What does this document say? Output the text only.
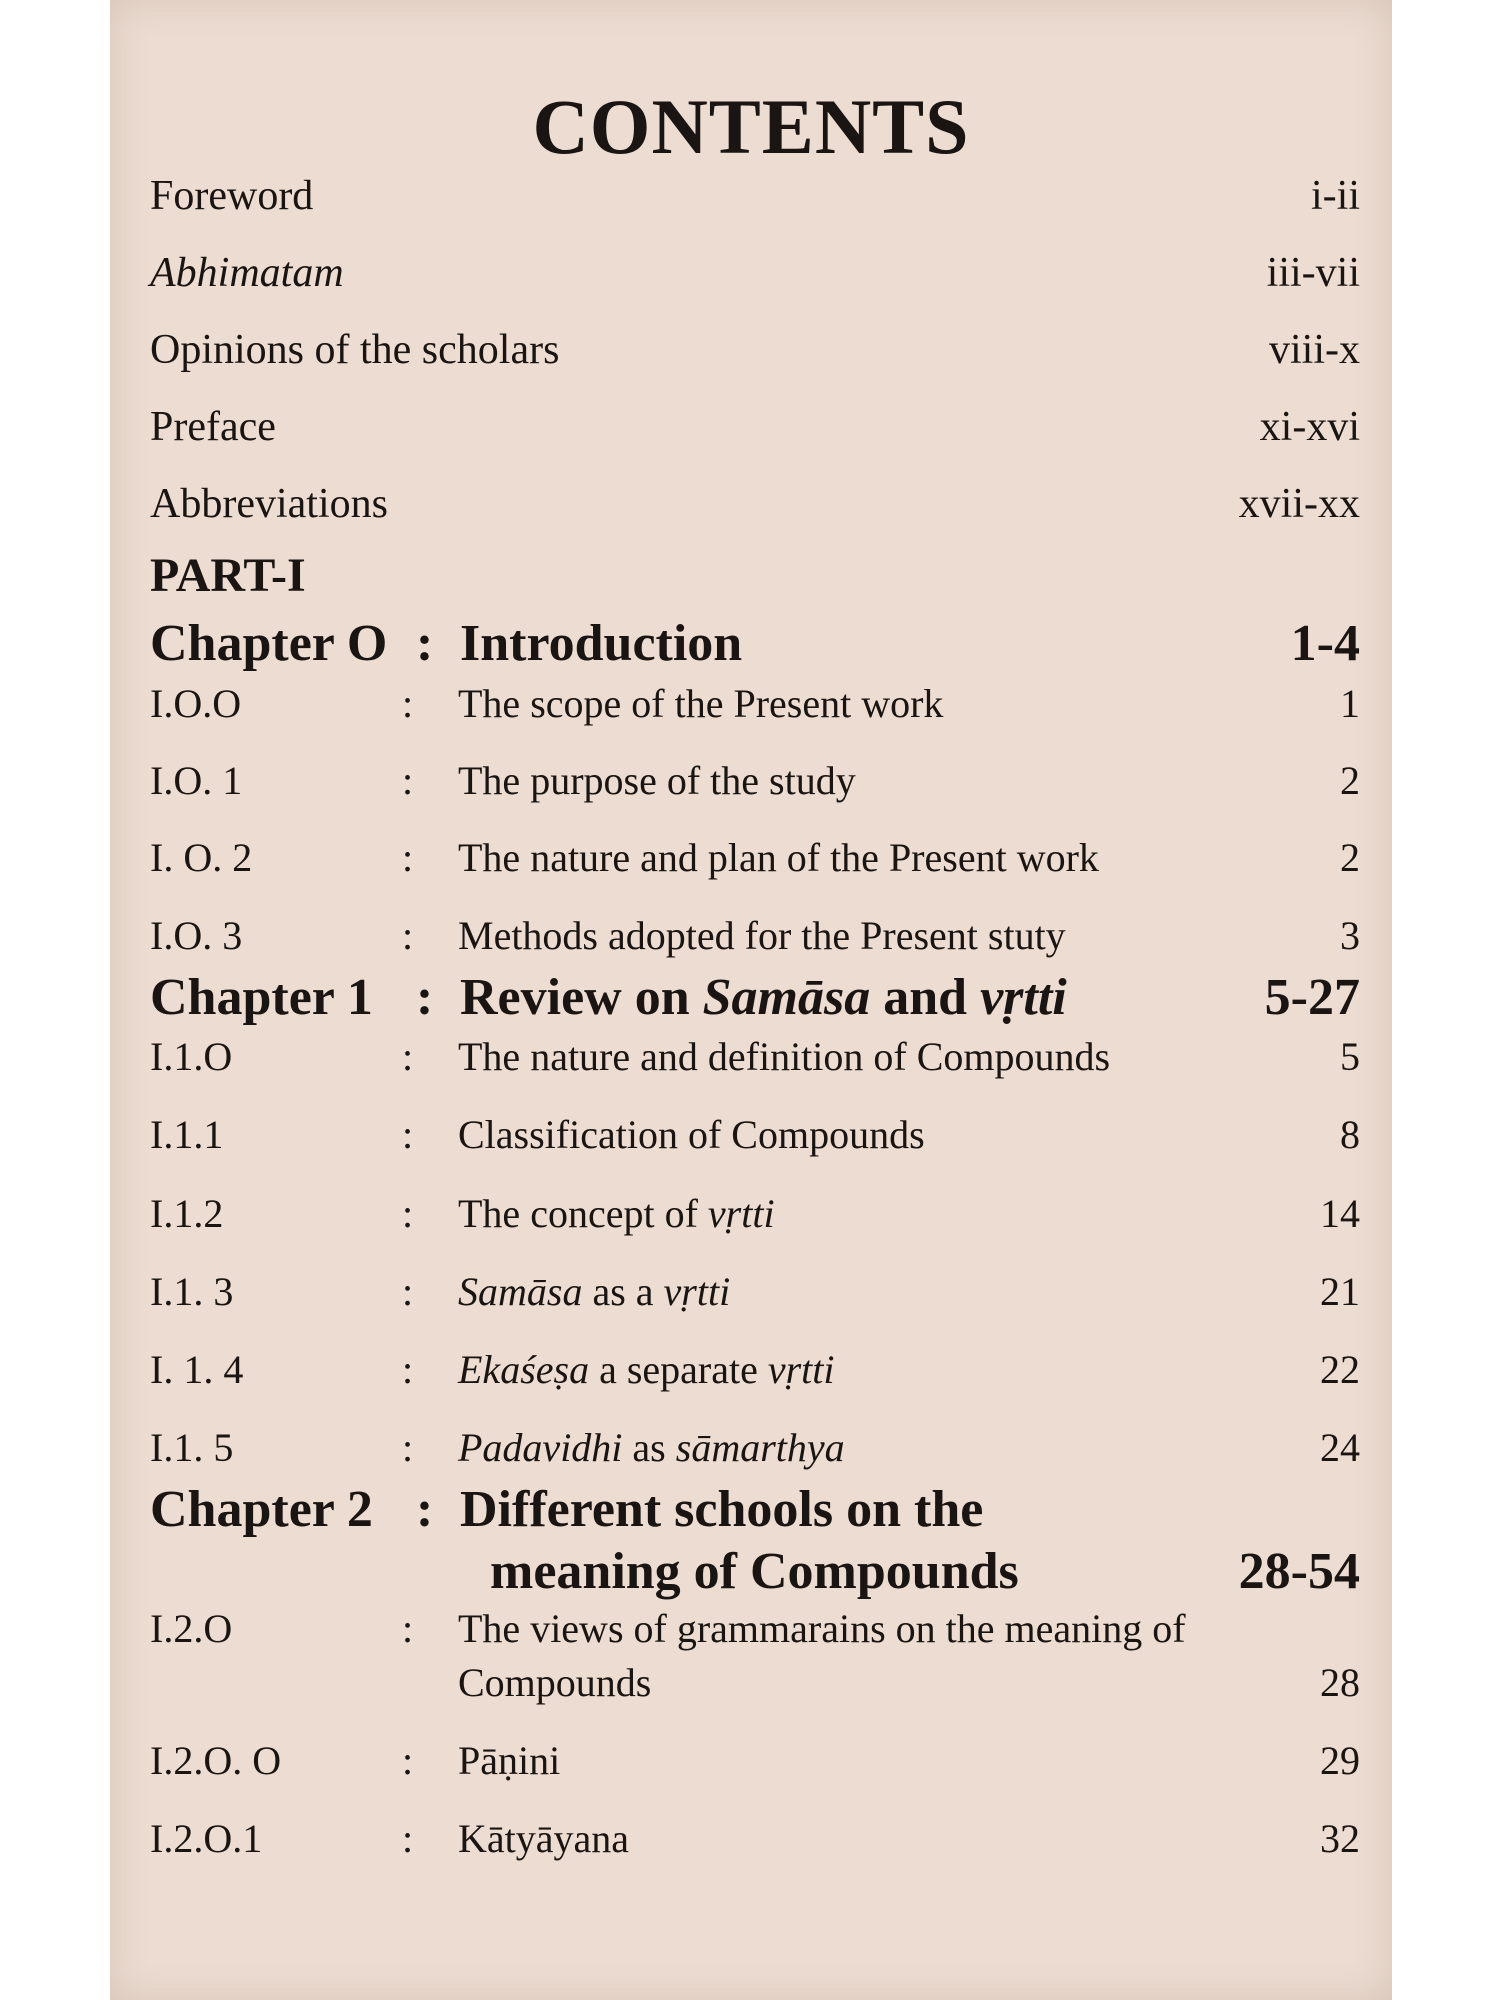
CONTENTS
Foreword	i-ii
Abhimatam	iii-vii
Opinions of the scholars	viii-x
Preface	xi-xvi
Abbreviations	xvii-xx
PART-I
Chapter O : Introduction	1-4
I.O.O	: The scope of the Present work	1
I.O. 1	: The purpose of the study	2
I. O. 2	: The nature and plan of the Present work	2
I.O. 3	: Methods adopted for the Present stuty	3
Chapter 1 : Review on Samāsa and vṛtti	5-27
I.1.O	: The nature and definition of Compounds	5
I.1.1	: Classification of Compounds	8
I.1.2	: The concept of vṛtti	14
I.1. 3	: Samāsa as a vṛtti	21
I. 1. 4	: Ekaśeṣa a separate vṛtti	22
I.1. 5	: Padavidhi as sāmarthya	24
Chapter 2 : Different schools on the
meaning of Compounds	28-54
I.2.O	: The views of grammarains on the meaning of
Compounds	28
I.2.O. O	: Pāṇini	29
I.2.O.1	: Kātyāyana	32
